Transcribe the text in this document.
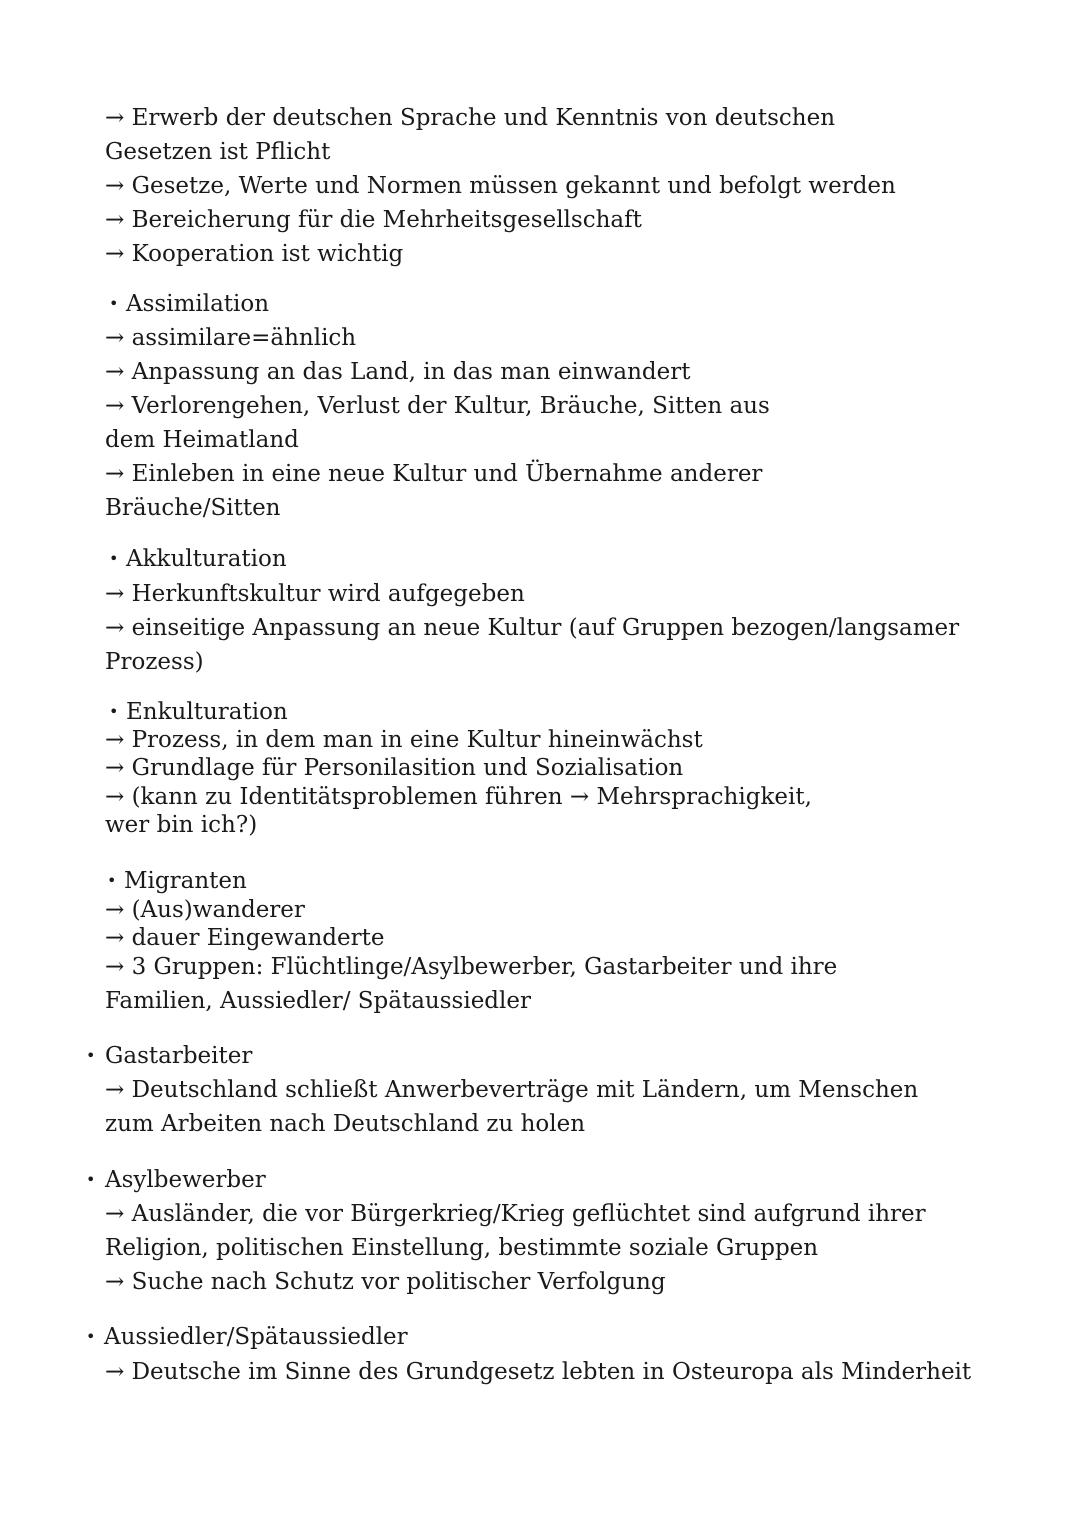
→ Erwerb der deutschen Sprache und Kenntnis von deutschen
Gesetzen ist Pflicht
→ Gesetze, Werte und Normen müssen gekannt und befolgt werden
→ Bereicherung für die Mehrheitsgesellschaft
→ Kooperation ist wichtig
• Assimilation
→ assimilare=ähnlich
→ Anpassung an das Land, in das man einwandert
→ Verlorengehen, Verlust der Kultur, Bräuche, Sitten aus
dem Heimatland
→ Einleben in eine neue Kultur und Übernahme anderer
Bräuche/Sitten
• Akkulturation
→ Herkunftskultur wird aufgegeben
→ einseitige Anpassung an neue Kultur (auf Gruppen bezogen/langsamer
Prozess)
• Enkulturation
→ Prozess, in dem man in eine Kultur hineinwächst
→ Grundlage für Personilasition und Sozialisation
→ (kann zu Identitätsproblemen führen → Mehrsprachigkeit,
wer bin ich?)
• Migranten
→ (Aus)wanderer
→ dauer Eingewanderte
→ 3 Gruppen: Flüchtlinge/Asylbewerber, Gastarbeiter und ihre
Familien, Aussiedler/ Spätaussiedler
• Gastarbeiter
→ Deutschland schließt Anwerbeverträge mit Ländern, um Menschen
zum Arbeiten nach Deutschland zu holen
• Asylbewerber
→ Ausländer, die vor Bürgerkrieg/Krieg geflüchtet sind aufgrund ihrer
Religion, politischen Einstellung, bestimmte soziale Gruppen
→ Suche nach Schutz vor politischer Verfolgung
• Aussiedler/Spätaussiedler
→ Deutsche im Sinne des Grundgesetz lebten in Osteuropa als Minderheit
